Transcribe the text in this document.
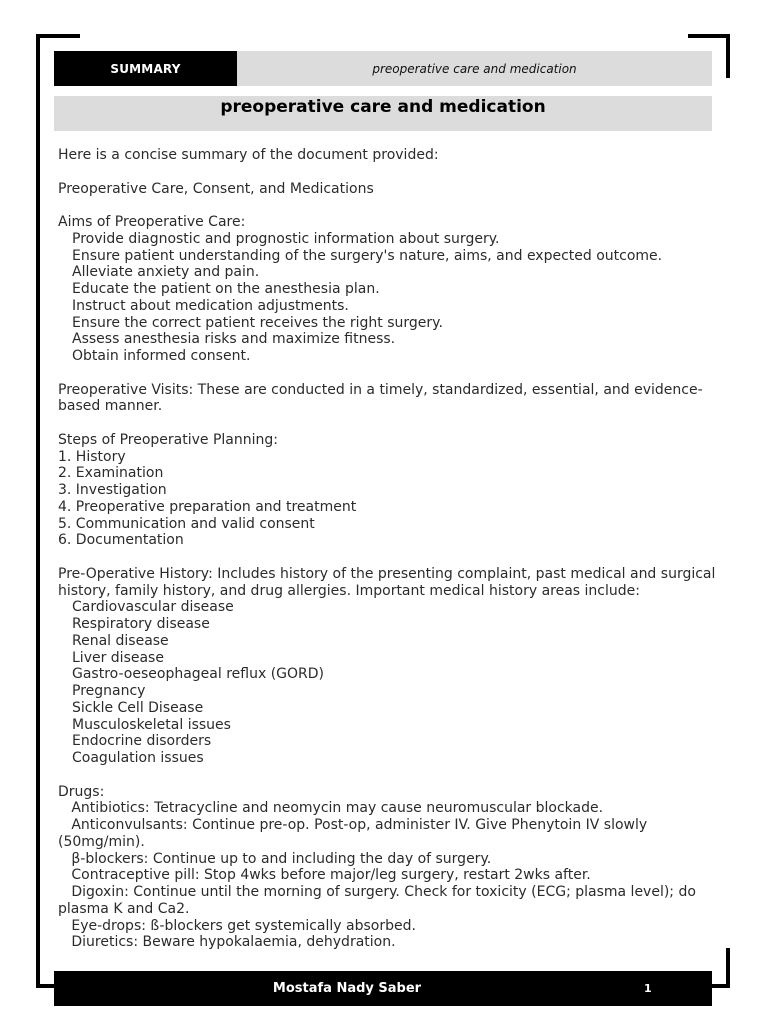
SUMMARY	preoperative care and medication
preoperative care and medication

Here is a concise summary of the document provided:

Preoperative Care, Consent, and Medications

Aims of Preoperative Care:

Provide diagnostic and prognostic information about surgery.

Ensure patient understanding of the surgery's nature, aims, and expected outcome.

Alleviate anxiety and pain.

Educate the patient on the anesthesia plan.

Instruct about medication adjustments.

Ensure the correct patient receives the right surgery.

Assess anesthesia risks and maximize fitness.

Obtain informed consent.

Preoperative Visits: These are conducted in a timely, standardized, essential, and evidence-based manner.

Steps of Preoperative Planning:

1. History

2. Examination

3. Investigation

4. Preoperative preparation and treatment

5. Communication and valid consent

6. Documentation

Pre-Operative History: Includes history of the presenting complaint, past medical and surgical history, family history, and drug allergies. Important medical history areas include:

Cardiovascular disease

Respiratory disease

Renal disease

Liver disease

Gastro-oeseophageal reflux (GORD)

Pregnancy

Sickle Cell Disease

Musculoskeletal issues

Endocrine disorders

Coagulation issues

Drugs:

Antibiotics: Tetracycline and neomycin may cause neuromuscular blockade.

Anticonvulsants: Continue pre-op. Post-op, administer IV. Give Phenytoin IV slowly (50mg/min).

β-blockers: Continue up to and including the day of surgery.

Contraceptive pill: Stop 4wks before major/leg surgery, restart 2wks after.

Digoxin: Continue until the morning of surgery. Check for toxicity (ECG; plasma level); do plasma K and Ca2.

Eye-drops: ß-blockers get systemically absorbed.

Diuretics: Beware hypokalaemia, dehydration.

Mostafa Nady Saber	1
